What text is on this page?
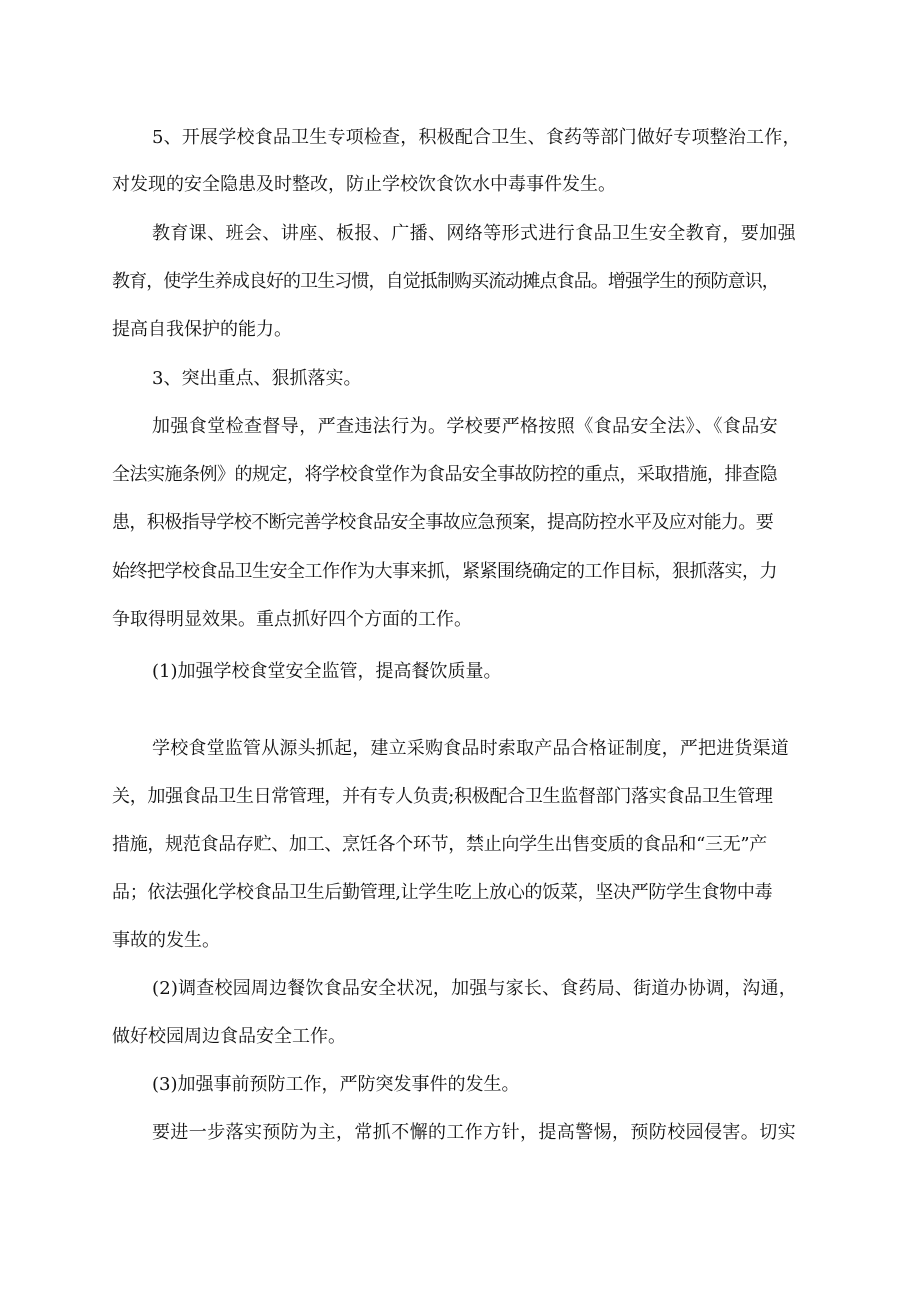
5、开展学校食品卫生专项检查，积极配合卫生、食药等部门做好专项整治工作，

对发现的安全隐患及时整改，防止学校饮食饮水中毒事件发生。

教育课、班会、讲座、板报、广播、网络等形式进行食品卫生安全教育，要加强

教育，使学生养成良好的卫生习惯，自觉抵制购买流动摊点食品。增强学生的预防意识，

提高自我保护的能力。

3、突出重点、狠抓落实。

加强食堂检查督导，严查违法行为。学校要严格按照《食品安全法》、《食品安

全法实施条例》的规定，将学校食堂作为食品安全事故防控的重点，采取措施，排查隐

患，积极指导学校不断完善学校食品安全事故应急预案，提高防控水平及应对能力。要

始终把学校食品卫生安全工作作为大事来抓，紧紧围绕确定的工作目标，狠抓落实，力

争取得明显效果。重点抓好四个方面的工作。

(1)加强学校食堂安全监管，提高餐饮质量。

学校食堂监管从源头抓起，建立采购食品时索取产品合格证制度，严把进货渠道

关，加强食品卫生日常管理，并有专人负责;积极配合卫生监督部门落实食品卫生管理

措施，规范食品存贮、加工、烹饪各个环节，禁止向学生出售变质的食品和“三无”产

品；依法强化学校食品卫生后勤管理,让学生吃上放心的饭菜，坚决严防学生食物中毒

事故的发生。

(2)调查校园周边餐饮食品安全状况，加强与家长、食药局、街道办协调，沟通，

做好校园周边食品安全工作。

(3)加强事前预防工作，严防突发事件的发生。

要进一步落实预防为主，常抓不懈的工作方针，提高警惕，预防校园侵害。切实
